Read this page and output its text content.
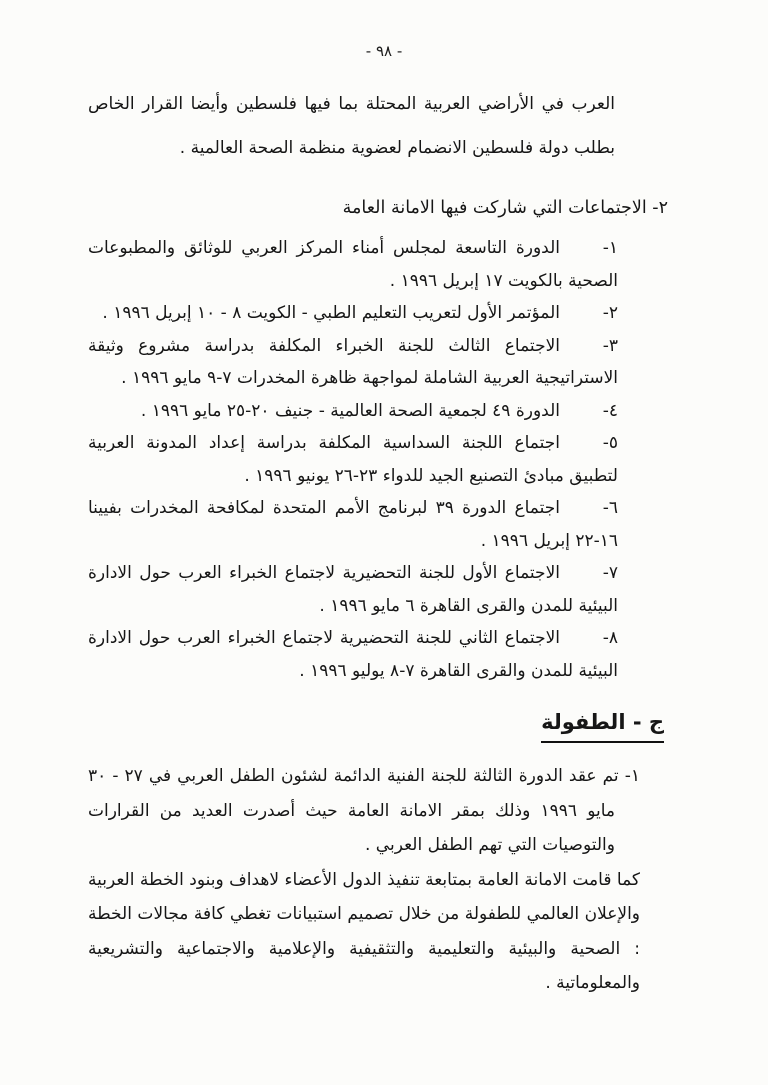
- ٩٨ -

العرب في الأراضي العربية المحتلة بما فيها فلسطين وأيضا القرار الخاص بطلب دولة فلسطين الانضمام لعضوية منظمة الصحة العالمية .

٢- الاجتماعات التي شاركت فيها الامانة العامة

١-الدورة التاسعة لمجلس أمناء المركز العربي للوثائق والمطبوعات الصحية بالكويت ١٧ إبريل ١٩٩٦ .

٢-المؤتمر الأول لتعريب التعليم الطبي - الكويت ٨ - ١٠ إبريل ١٩٩٦ .

٣-الاجتماع الثالث للجنة الخبراء المكلفة بدراسة مشروع وثيقة الاستراتيجية العربية الشاملة لمواجهة ظاهرة المخدرات ٧-٩ مايو ١٩٩٦ .

٤-الدورة ٤٩ لجمعية الصحة العالمية - جنيف ٢٠-٢٥ مايو ١٩٩٦ .

٥-اجتماع اللجنة السداسية المكلفة بدراسة إعداد المدونة العربية لتطبيق مبادئ التصنيع الجيد للدواء ٢٣-٢٦ يونيو ١٩٩٦ .

٦-اجتماع الدورة ٣٩ لبرنامج الأمم المتحدة لمكافحة المخدرات بفيينا ١٦-٢٢ إبريل ١٩٩٦ .

٧-الاجتماع الأول للجنة التحضيرية لاجتماع الخبراء العرب حول الادارة البيئية للمدن والقرى القاهرة ٦ مايو ١٩٩٦ .

٨-الاجتماع الثاني للجنة التحضيرية لاجتماع الخبراء العرب حول الادارة البيئية للمدن والقرى القاهرة ٧-٨ يوليو ١٩٩٦ .

ج - الطفولة

١- تم عقد الدورة الثالثة للجنة الفنية الدائمة لشئون الطفل العربي في ٢٧ - ٣٠ مايو ١٩٩٦ وذلك بمقر الامانة العامة حيث أصدرت العديد من القرارات والتوصيات التي تهم الطفل العربي .

كما قامت الامانة العامة بمتابعة تنفيذ الدول الأعضاء لاهداف وبنود الخطة العربية والإعلان العالمي للطفولة من خلال تصميم استبيانات تغطي كافة مجالات الخطة : الصحية والبيئية والتعليمية والتثقيفية والإعلامية والاجتماعية والتشريعية والمعلوماتية .
